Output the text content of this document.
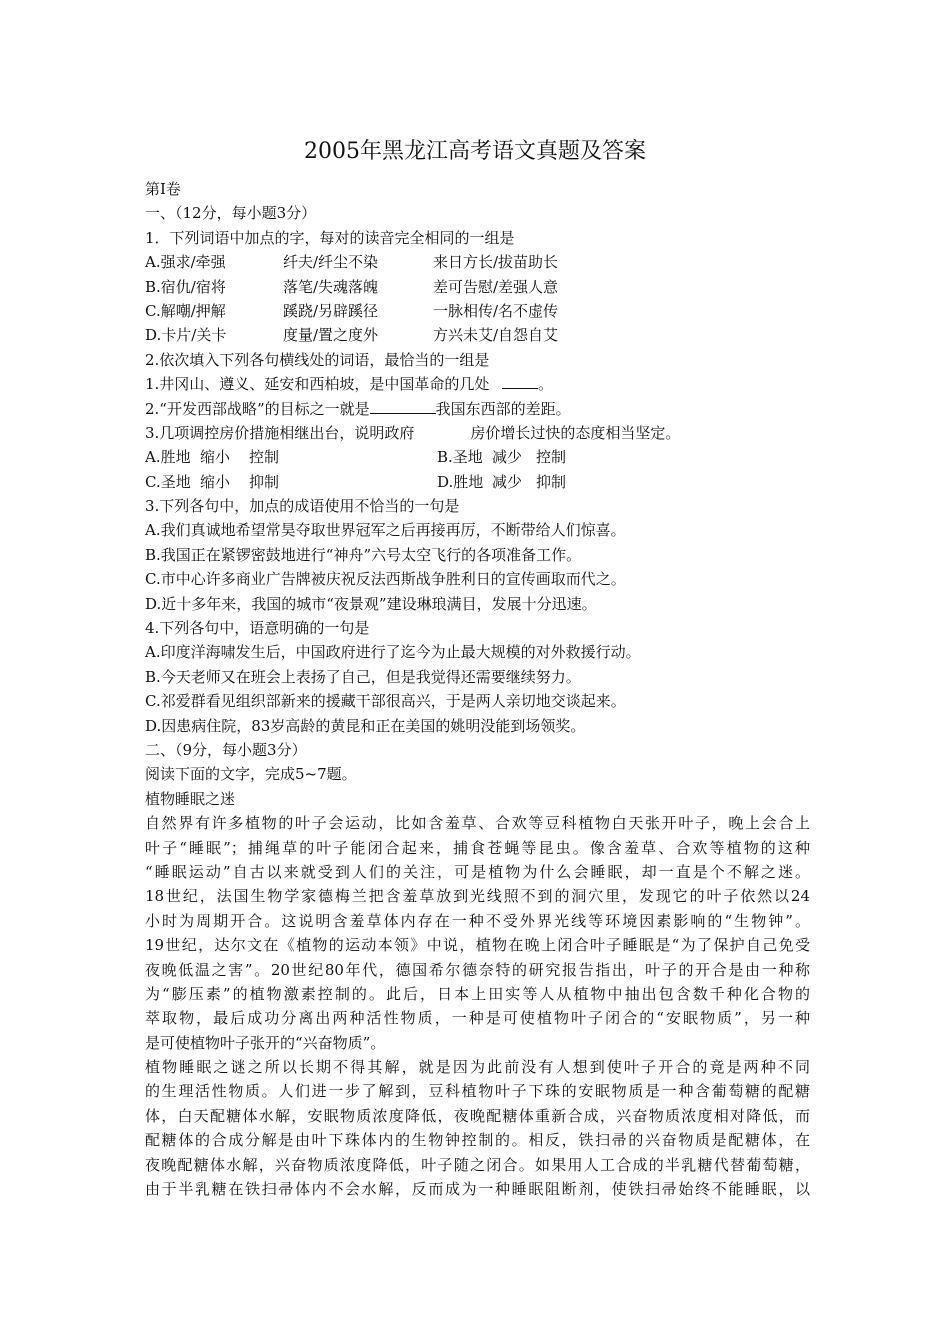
2005年黑龙江高考语文真题及答案
第Ⅰ卷
一、（12分，每小题3分）
1．下列词语中加点的字，每对的读音完全相同的一组是
A.强求/牵强	纤夫/纤尘不染	来日方长/拔苗助长
B.宿仇/宿将	落笔/失魂落魄	差可告慰/差强人意
C.解嘲/押解	蹊跷/另辟蹊径	一脉相传/名不虚传
D.卡片/关卡	度量/置之度外	方兴未艾/自怨自艾
2.依次填入下列各句横线处的词语，最恰当的一组是
1.井冈山、遵义、延安和西柏坡，是中国革命的几处	。
2.“开发西部战略”的目标之一就是	我国东西部的差距。
3.几项调控房价措施相继出台，说明政府	房价增长过快的态度相当坚定。
A.胜地 缩小	控制	B.圣地 减少 控制
C.圣地 缩小	抑制	D.胜地 减少 抑制
3.下列各句中，加点的成语使用不恰当的一句是
A.我们真诚地希望常昊夺取世界冠军之后再接再厉，不断带给人们惊喜。
B.我国正在紧锣密鼓地进行“神舟”六号太空飞行的各项准备工作。
C.市中心许多商业广告牌被庆祝反法西斯战争胜利日的宣传画取而代之。
D.近十多年来，我国的城市“夜景观”建设琳琅满目，发展十分迅速。
4.下列各句中，语意明确的一句是
A.印度洋海啸发生后，中国政府进行了迄今为止最大规模的对外救援行动。
B.今天老师又在班会上表扬了自己，但是我觉得还需要继续努力。
C.祁爱群看见组织部新来的援藏干部很高兴，于是两人亲切地交谈起来。
D.因患病住院，83岁高龄的黄昆和正在美国的姚明没能到场领奖。
二、（9分，每小题3分）
阅读下面的文字，完成5~7题。
植物睡眠之迷
自然界有许多植物的叶子会运动，比如含羞草、合欢等豆科植物白天张开叶子，晚上会合上
叶子“睡眠”；捕绳草的叶子能闭合起来，捕食苍蝇等昆虫。像含羞草、合欢等植物的这种
“睡眠运动”自古以来就受到人们的关注，可是植物为什么会睡眠，却一直是个不解之迷。
18世纪，法国生物学家德梅兰把含羞草放到光线照不到的洞穴里，发现它的叶子依然以24
小时为周期开合。这说明含羞草体内存在一种不受外界光线等环境因素影响的“生物钟”。
19世纪，达尔文在《植物的运动本领》中说，植物在晚上闭合叶子睡眠是“为了保护自己免受
夜晚低温之害”。20世纪80年代，德国希尔德奈特的研究报告指出，叶子的开合是由一种称
为“膨压素”的植物激素控制的。此后，日本上田实等人从植物中抽出包含数千种化合物的
萃取物，最后成功分离出两种活性物质，一种是可使植物叶子闭合的“安眠物质”，另一种
是可使植物叶子张开的“兴奋物质”。
植物睡眠之谜之所以长期不得其解，就是因为此前没有人想到使叶子开合的竟是两种不同
的生理活性物质。人们进一步了解到，豆科植物叶子下珠的安眠物质是一种含葡萄糖的配糖
体，白天配糖体水解，安眠物质浓度降低，夜晚配糖体重新合成，兴奋物质浓度相对降低，而
配糖体的合成分解是由叶下珠体内的生物钟控制的。相反，铁扫帚的兴奋物质是配糖体，在
夜晚配糖体水解，兴奋物质浓度降低，叶子随之闭合。如果用人工合成的半乳糖代替葡萄糖，
由于半乳糖在铁扫帚体内不会水解，反而成为一种睡眠阻断剂，使铁扫帚始终不能睡眠，以
